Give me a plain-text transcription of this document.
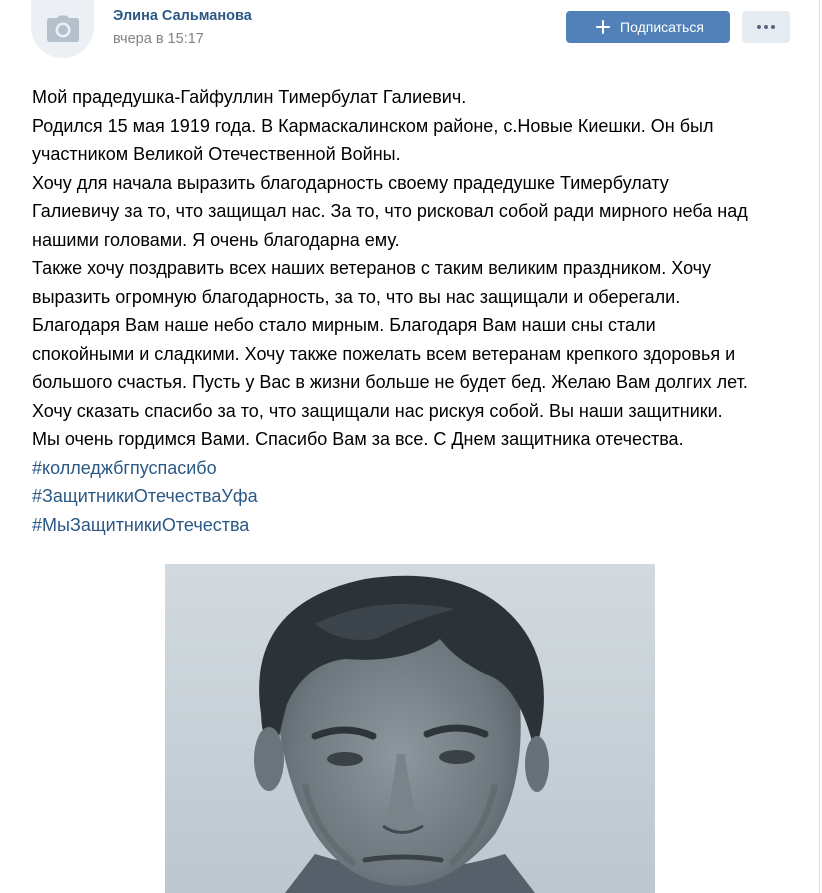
Элина Сальманова
вчера в 15:17
Подписаться
Мой прадедушка-Гайфуллин Тимербулат Галиевич.
Родился 15 мая 1919 года. В Кармаскалинском районе, с.Новые Киешки. Он был
участником Великой Отечественной Войны.
Хочу для начала выразить благодарность своему прадедушке Тимербулату
Галиевичу за то, что защищал нас. За то, что рисковал собой ради мирного неба над
нашими головами. Я очень благодарна ему.
Также хочу поздравить всех наших ветеранов с таким великим праздником. Хочу
выразить огромную благодарность, за то, что вы нас защищали и оберегали.
Благодаря Вам наше небо стало мирным. Благодаря Вам наши сны стали
спокойными и сладкими. Хочу также пожелать всем ветеранам крепкого здоровья и
большого счастья. Пусть у Вас в жизни больше не будет бед. Желаю Вам долгих лет.
Хочу сказать спасибо за то, что защищали нас рискуя собой. Вы наши защитники.
Мы очень гордимся Вами. Спасибо Вам за все. С Днем защитника отечества.
#колледжбгпуспасибо
#ЗащитникиОтечестваУфа
#МыЗащитникиОтечества
